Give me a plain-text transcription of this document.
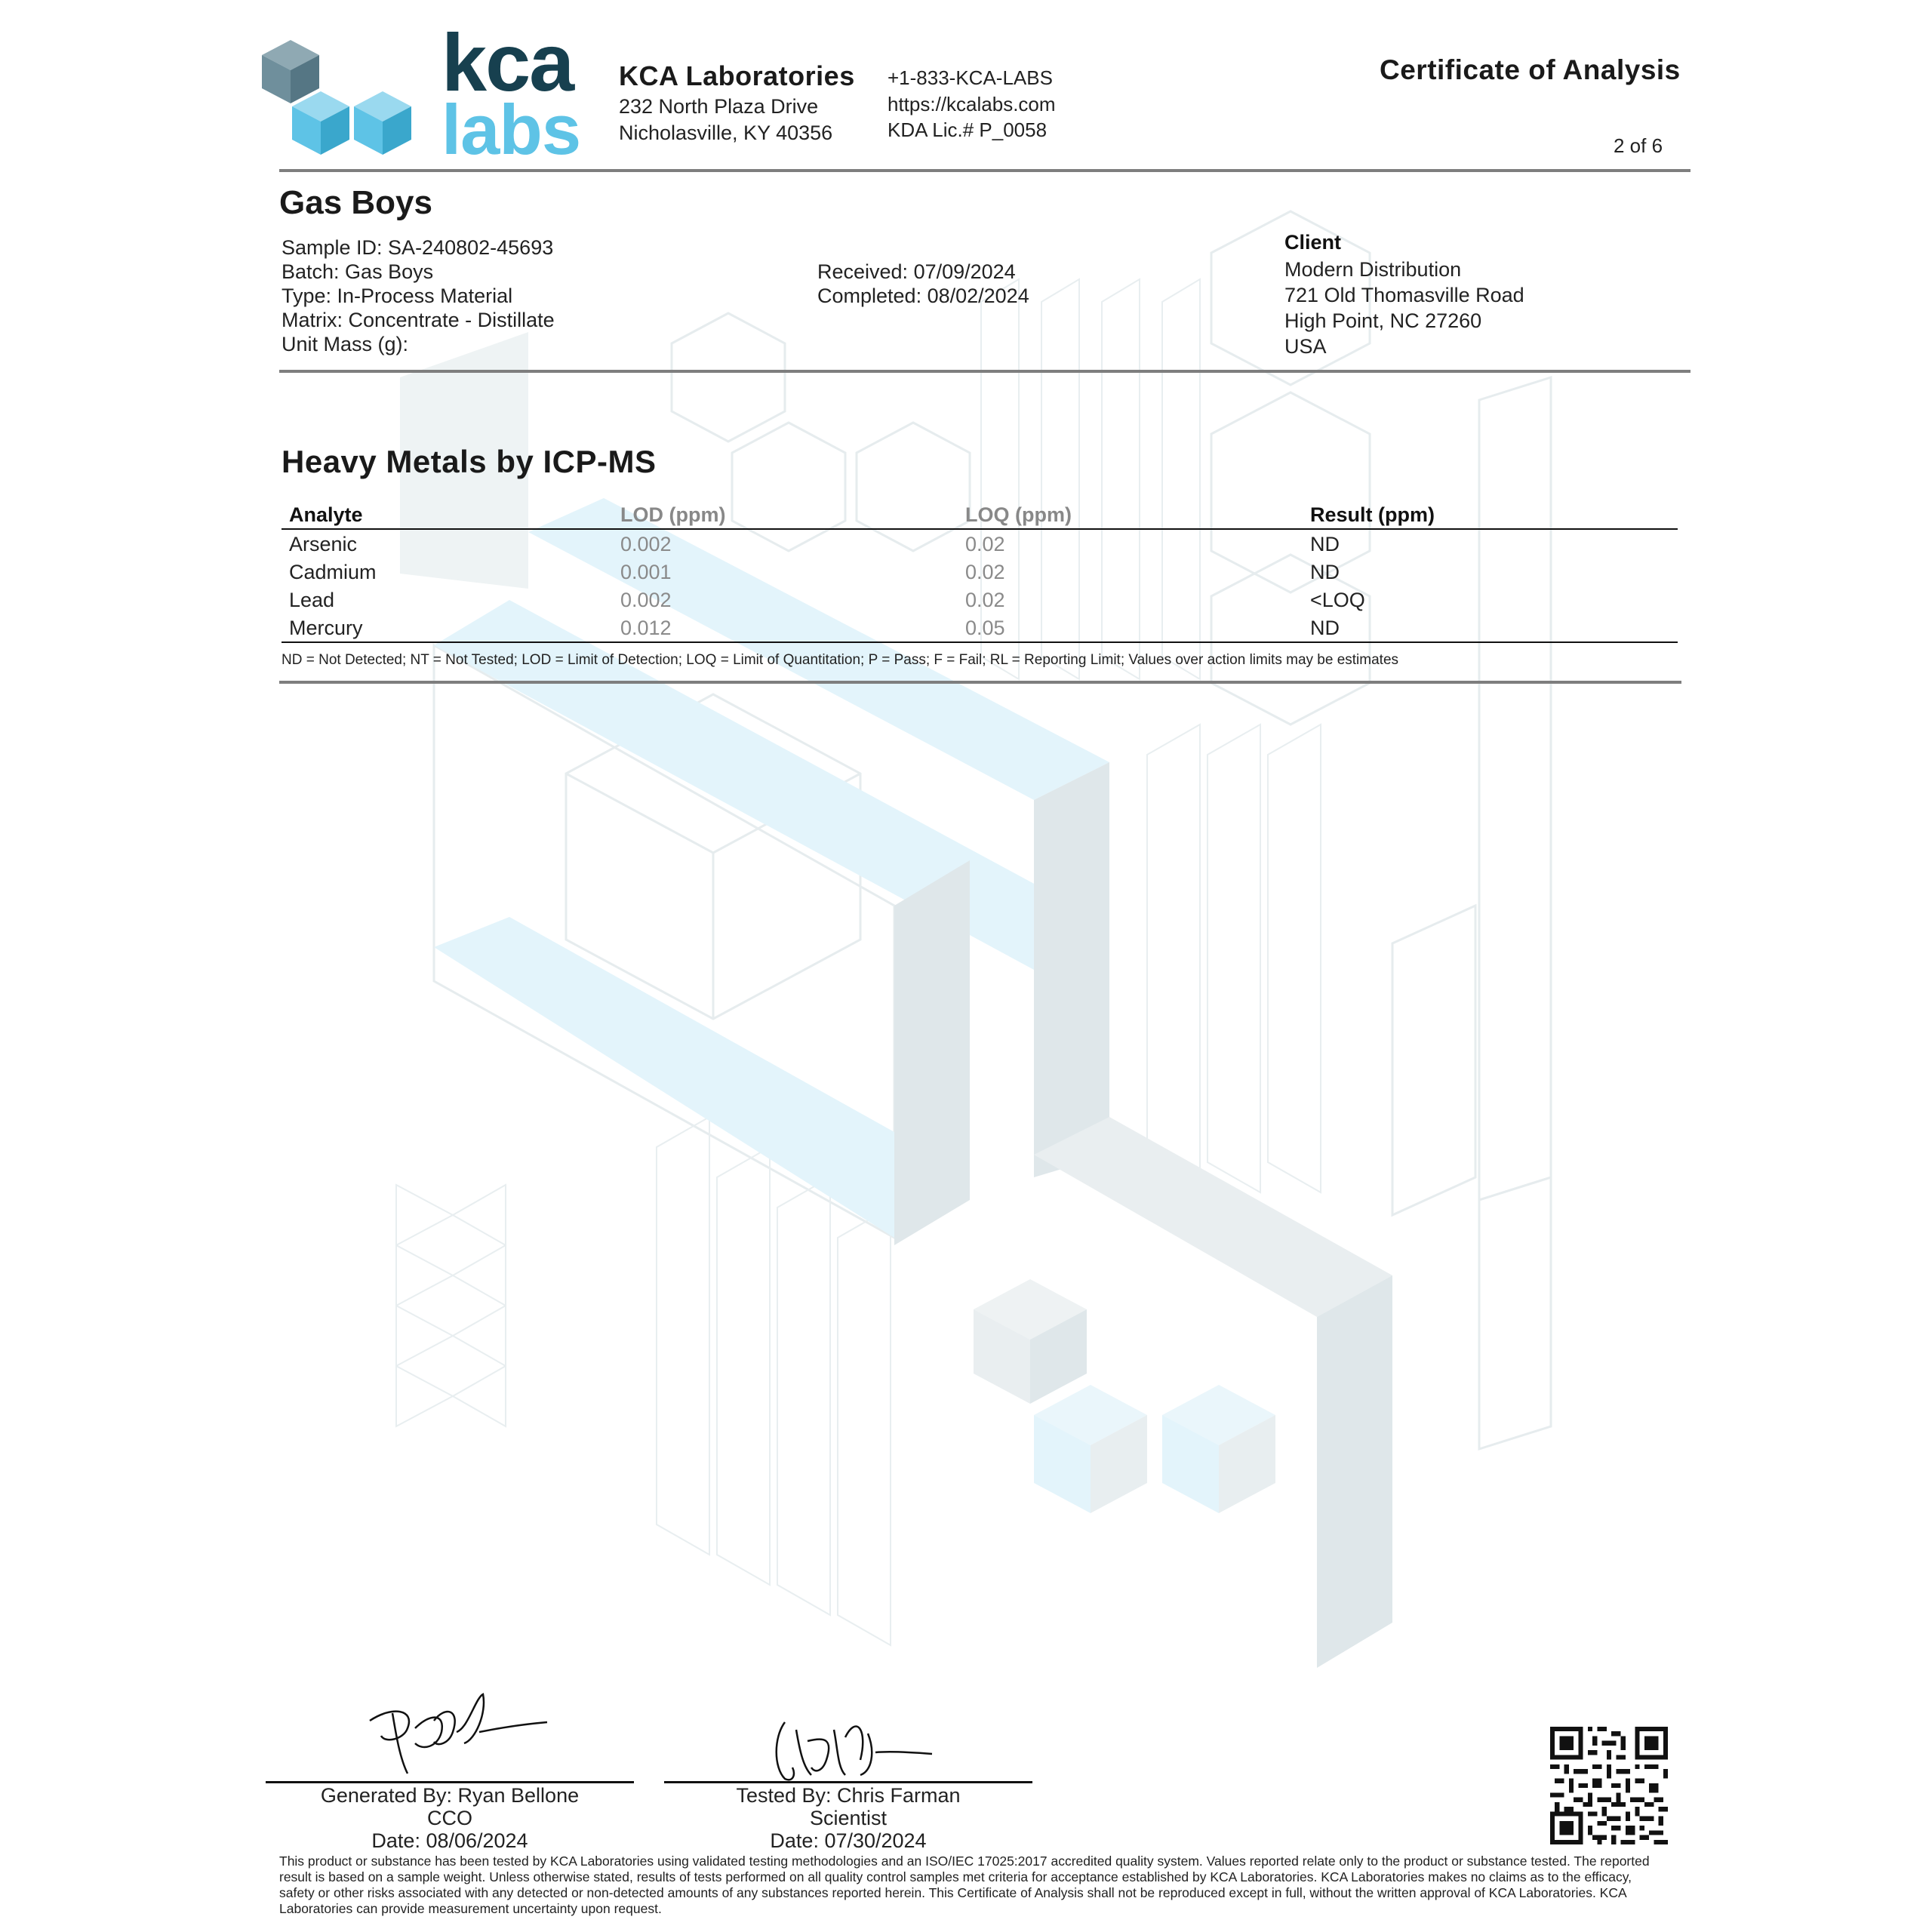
kca
labs
KCA Laboratories
232 North Plaza Drive
Nicholasville, KY 40356
+1-833-KCA-LABS
https://kcalabs.com
KDA Lic.# P_0058
Certificate of Analysis
2 of 6
Gas Boys
Sample ID: SA-240802-45693
Batch: Gas Boys
Type: In-Process Material
Matrix: Concentrate - Distillate
Unit Mass (g):
Received: 07/09/2024
Completed: 08/02/2024
Client
Modern Distribution
721 Old Thomasville Road
High Point, NC 27260
USA
Heavy Metals by ICP-MS
Analyte	LOD (ppm)	LOQ (ppm)	Result (ppm)
Arsenic	0.002	0.02	ND
Cadmium	0.001	0.02	ND
Lead	0.002	0.02	<LOQ
Mercury	0.012	0.05	ND
ND = Not Detected; NT = Not Tested; LOD = Limit of Detection; LOQ = Limit of Quantitation; P = Pass; F = Fail; RL = Reporting Limit; Values over action limits may be estimates
Generated By: Ryan Bellone
CCO
Date: 08/06/2024
Tested By: Chris Farman
Scientist
Date: 07/30/2024
This product or substance has been tested by KCA Laboratories using validated testing methodologies and an ISO/IEC 17025:2017 accredited quality system. Values reported relate only to the product or substance tested. The reported result is based on a sample weight. Unless otherwise stated, results of tests performed on all quality control samples met criteria for acceptance established by KCA Laboratories. KCA Laboratories makes no claims as to the efficacy, safety or other risks associated with any detected or non-detected amounts of any substances reported herein. This Certificate of Analysis shall not be reproduced except in full, without the written approval of KCA Laboratories. KCA Laboratories can provide measurement uncertainty upon request.
